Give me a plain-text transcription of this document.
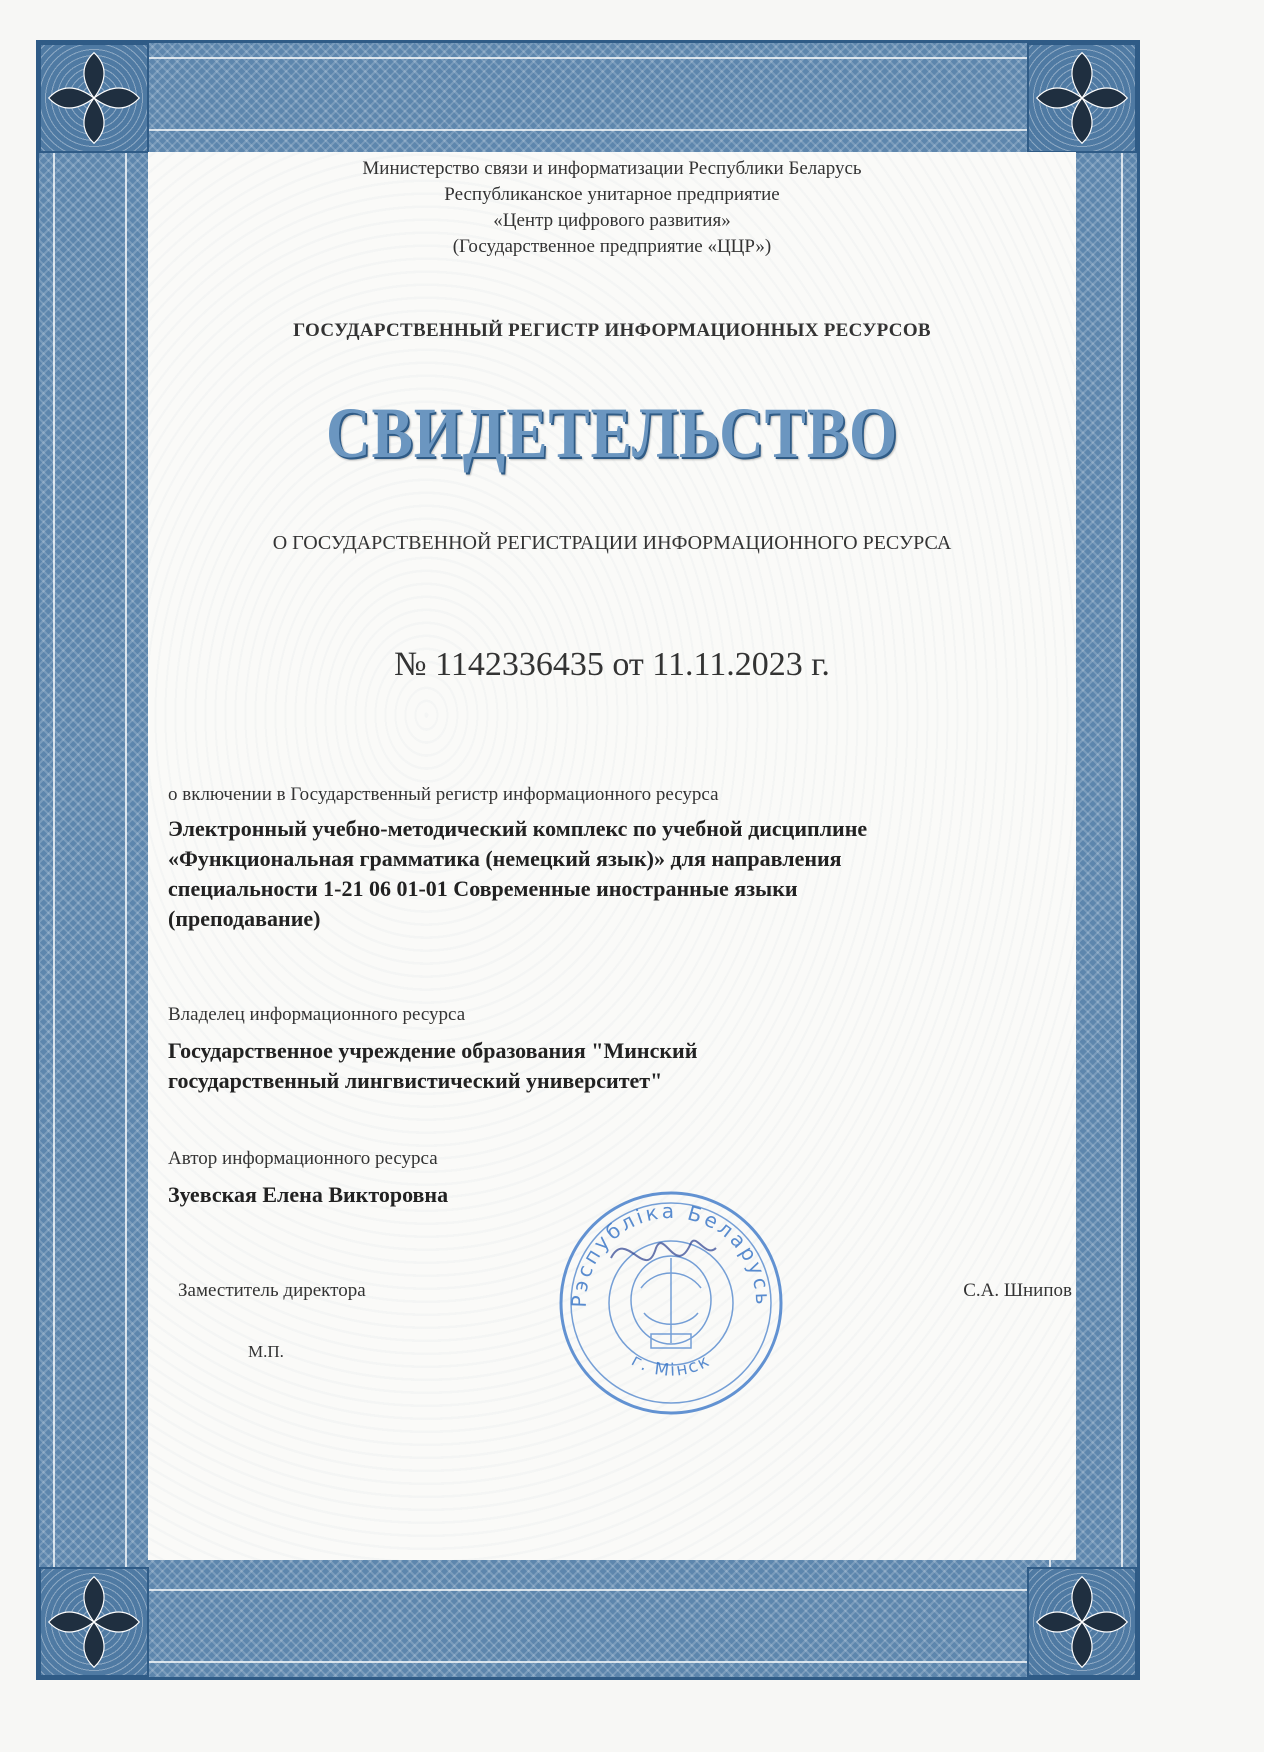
Министерство связи и информатизации Республики Беларусь
Республиканское унитарное предприятие
«Центр цифрового развития»
(Государственное предприятие «ЦЦР»)
ГОСУДАРСТВЕННЫЙ РЕГИСТР ИНФОРМАЦИОННЫХ РЕСУРСОВ
СВИДЕТЕЛЬСТВО
О ГОСУДАРСТВЕННОЙ РЕГИСТРАЦИИ ИНФОРМАЦИОННОГО РЕСУРСА
№ 1142336435 от 11.11.2023 г.
о включении в Государственный регистр информационного ресурса
Электронный учебно-методический комплекс по учебной дисциплине
«Функциональная грамматика (немецкий язык)» для направления
специальности 1-21 06 01-01 Современные иностранные языки
(преподавание)
Владелец информационного ресурса
Государственное учреждение образования "Минский
государственный лингвистический университет"
Автор информационного ресурса
Зуевская Елена Викторовна
Заместитель директора	С.А. Шнипов
М.П.
Рэспубліка Беларусь
г. Мінск
